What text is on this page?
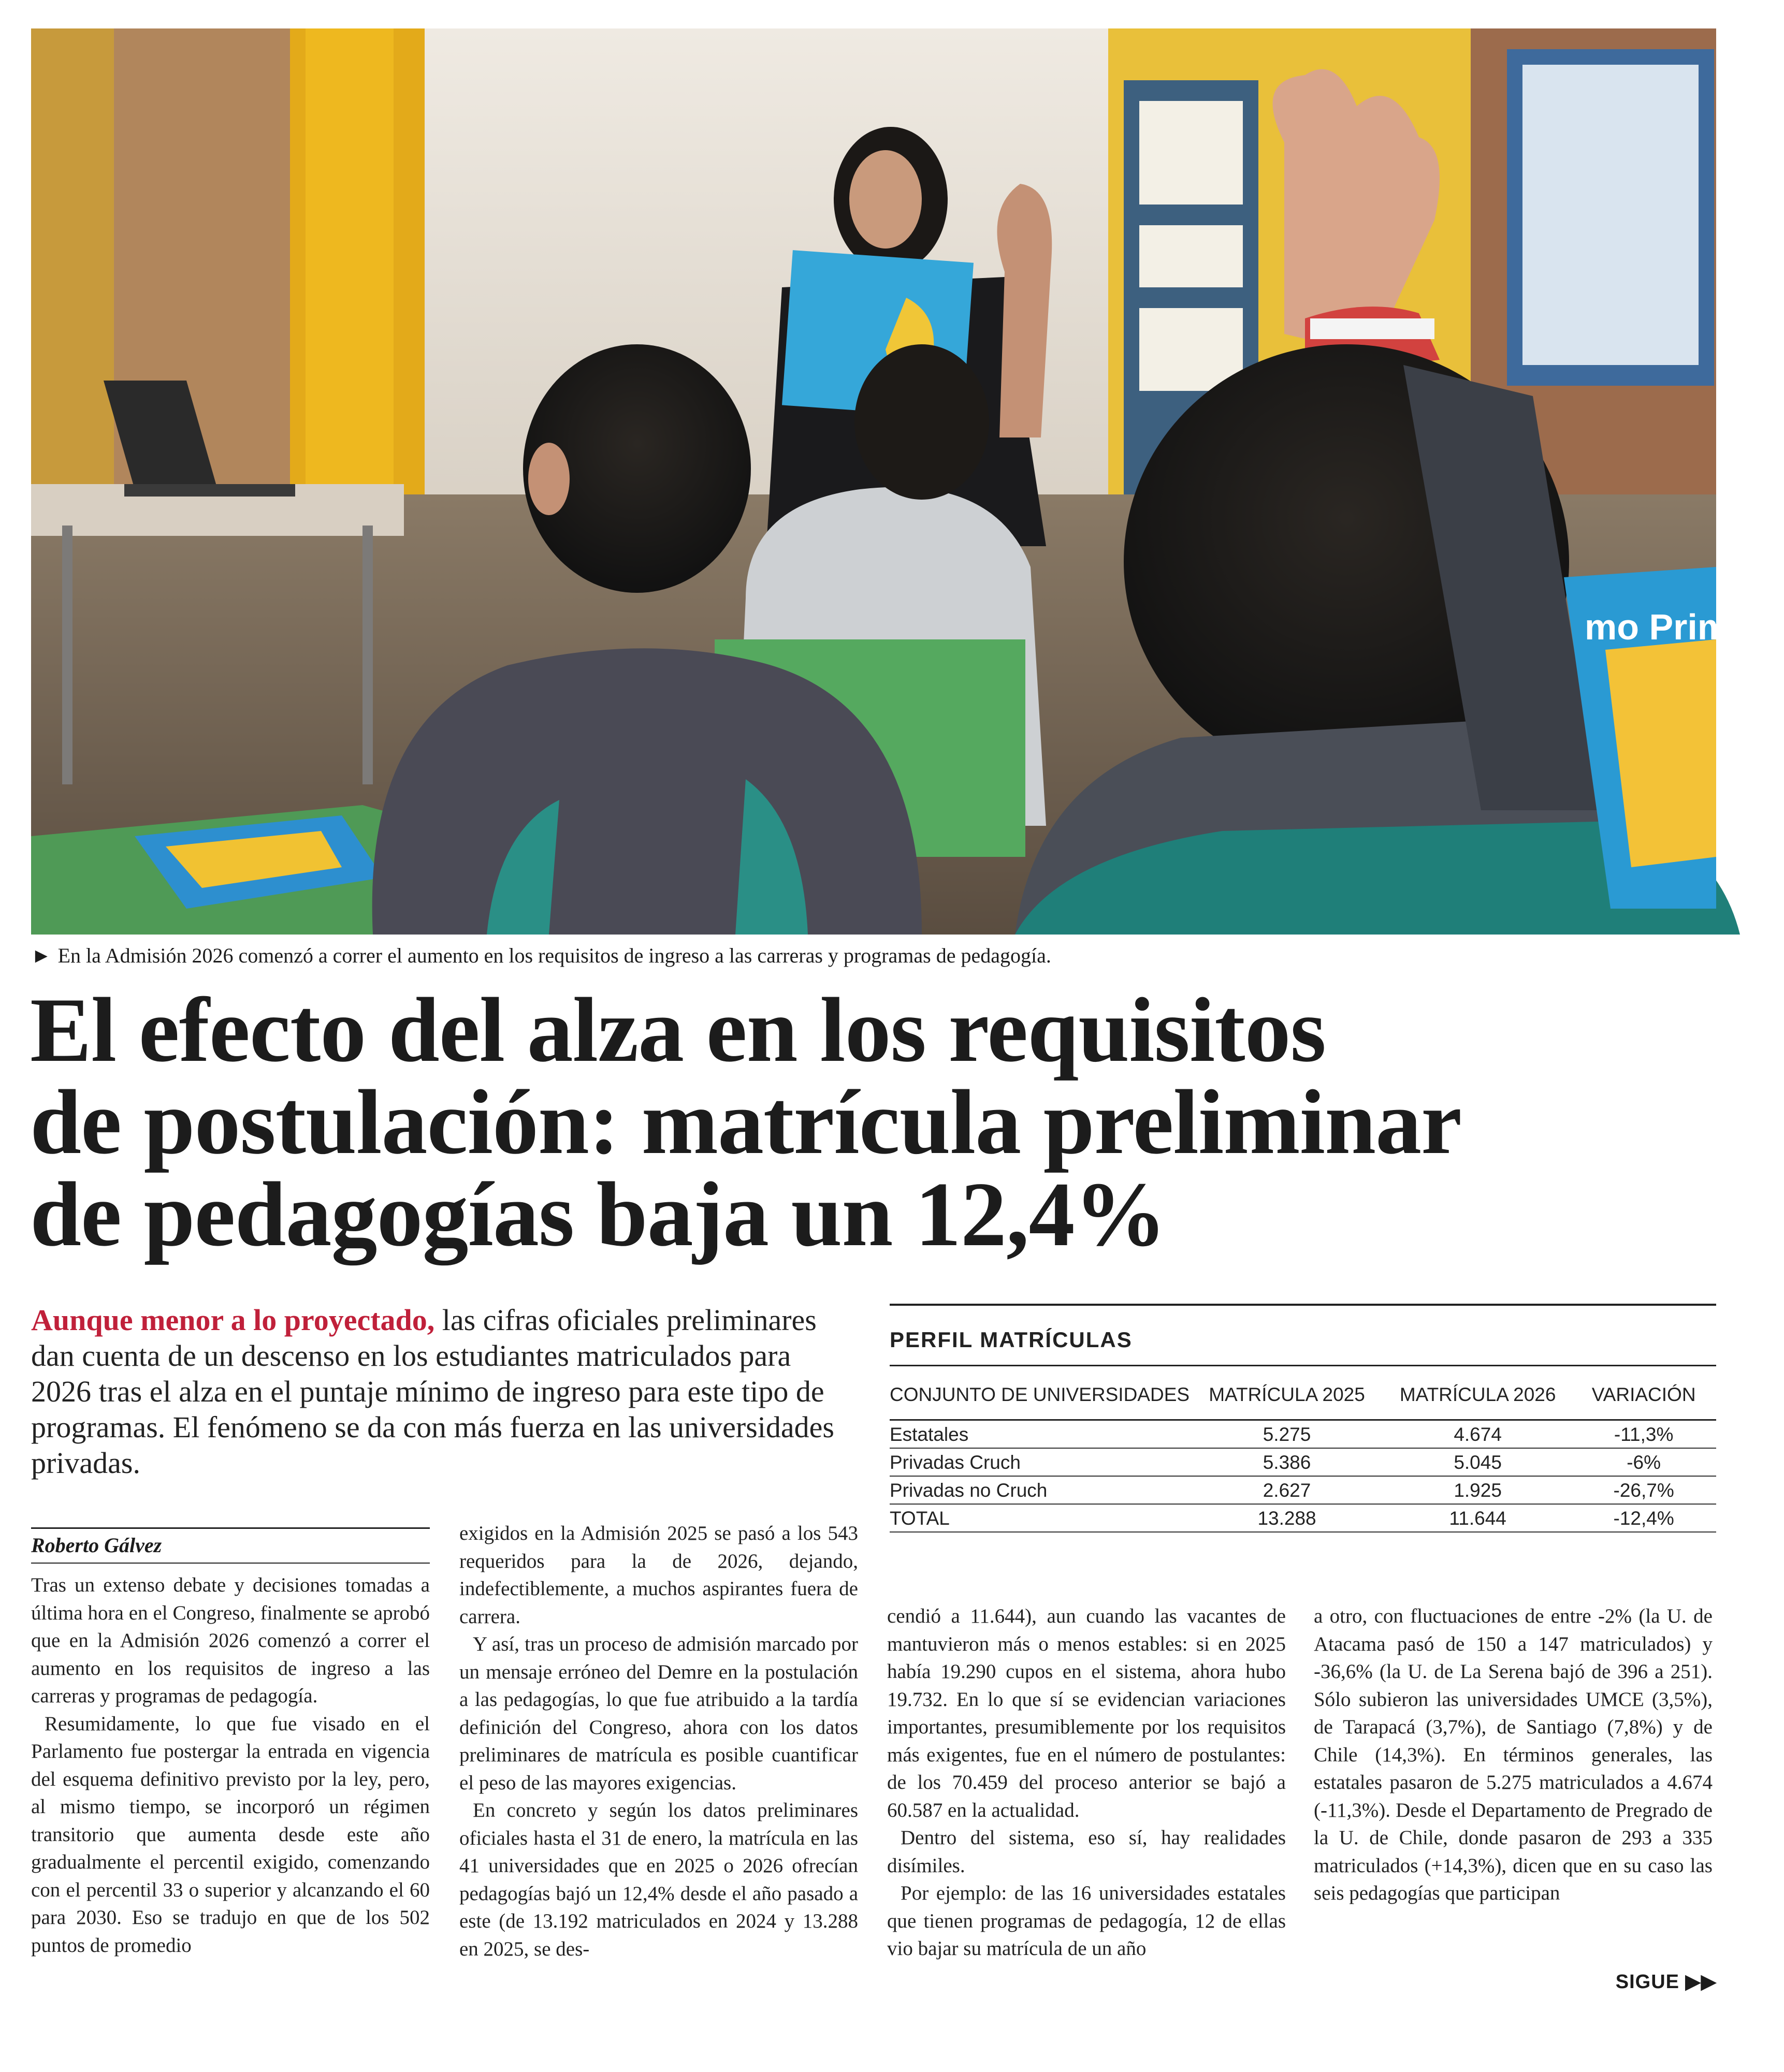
mo Prime
► En la Admisión 2026 comenzó a correr el aumento en los requisitos de ingreso a las carreras y programas de pedagogía.
El efecto del alza en los requisitos
de postulación: matrícula preliminar
de pedagogías baja un 12,4%
Aunque menor a lo proyectado, las cifras oficiales preliminares dan cuenta de un descenso en los estudiantes matriculados para 2026 tras el alza en el puntaje mínimo de ingreso para este tipo de programas. El fenómeno se da con más fuerza en las universidades privadas.
PERFIL MATRÍCULAS
CONJUNTO DE UNIVERSIDADES	MATRÍCULA 2025	MATRÍCULA 2026	VARIACIÓN
Estatales	5.275	4.674	-11,3%
Privadas Cruch	5.386	5.045	-6%
Privadas no Cruch	2.627	1.925	-26,7%
TOTAL	13.288	11.644	-12,4%
Roberto Gálvez

Tras un extenso debate y decisiones tomadas a última hora en el Congreso, finalmente se aprobó que en la Admisión 2026 comenzó a correr el aumento en los requisitos de ingreso a las carreras y programas de pedagogía.

Resumidamente, lo que fue visado en el Parlamento fue postergar la entrada en vigencia del esquema definitivo previsto por la ley, pero, al mismo tiempo, se incorporó un régimen transitorio que aumenta desde este año gradualmente el percentil exigido, comenzando con el percentil 33 o superior y alcanzando el 60 para 2030. Eso se tradujo en que de los 502 puntos de promedio

exigidos en la Admisión 2025 se pasó a los 543 requeridos para la de 2026, dejando, indefectiblemente, a muchos aspirantes fuera de carrera.

Y así, tras un proceso de admisión marcado por un mensaje erróneo del Demre en la postulación a las pedagogías, lo que fue atribuido a la tardía definición del Congreso, ahora con los datos preliminares de matrícula es posible cuantificar el peso de las mayores exigencias.

En concreto y según los datos preliminares oficiales hasta el 31 de enero, la matrícula en las 41 universidades que en 2025 o 2026 ofrecían pedagogías bajó un 12,4% desde el año pasado a este (de 13.192 matriculados en 2024 y 13.288 en 2025, se des-

cendió a 11.644), aun cuando las vacantes de mantuvieron más o menos estables: si en 2025 había 19.290 cupos en el sistema, ahora hubo 19.732. En lo que sí se evidencian variaciones importantes, presumiblemente por los requisitos más exigentes, fue en el número de postulantes: de los 70.459 del proceso anterior se bajó a 60.587 en la actualidad.

Dentro del sistema, eso sí, hay realidades disímiles.

Por ejemplo: de las 16 universidades estatales que tienen programas de pedagogía, 12 de ellas vio bajar su matrícula de un año

a otro, con fluctuaciones de entre -2% (la U. de Atacama pasó de 150 a 147 matriculados) y -36,6% (la U. de La Serena bajó de 396 a 251). Sólo subieron las universidades UMCE (3,5%), de Tarapacá (3,7%), de Santiago (7,8%) y de Chile (14,3%). En términos generales, las estatales pasaron de 5.275 matriculados a 4.674 (-11,3%). Desde el Departamento de Pregrado de la U. de Chile, donde pasaron de 293 a 335 matriculados (+14,3%), dicen que en su caso las seis pedagogías que participan

SIGUE ▶▶
